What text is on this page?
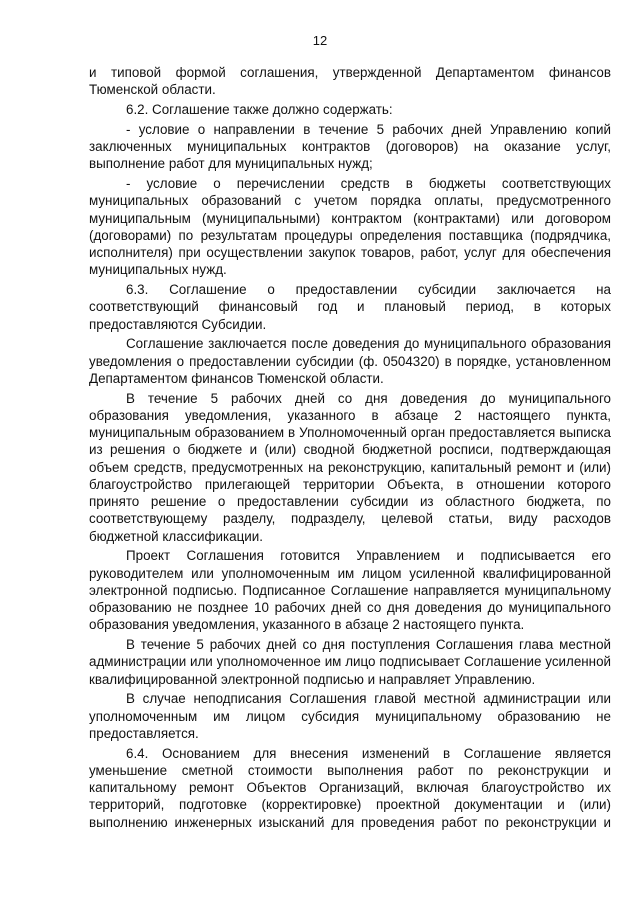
12

и типовой формой соглашения, утвержденной Департаментом финансов Тюменской области.

6.2. Соглашение также должно содержать:

- условие о направлении в течение 5 рабочих дней Управлению копий заключенных муниципальных контрактов (договоров) на оказание услуг, выполнение работ для муниципальных нужд;

- условие о перечислении средств в бюджеты соответствующих муниципальных образований с учетом порядка оплаты, предусмотренного муниципальным (муниципальными) контрактом (контрактами) или договором (договорами) по результатам процедуры определения поставщика (подрядчика, исполнителя) при осуществлении закупок товаров, работ, услуг для обеспечения муниципальных нужд.

6.3. Соглашение о предоставлении субсидии заключается на соответствующий финансовый год и плановый период, в которых предоставляются Субсидии.

Соглашение заключается после доведения до муниципального образования уведомления о предоставлении субсидии (ф. 0504320) в порядке, установленном Департаментом финансов Тюменской области.

В течение 5 рабочих дней со дня доведения до муниципального образования уведомления, указанного в абзаце 2 настоящего пункта, муниципальным образованием в Уполномоченный орган предоставляется выписка из решения о бюджете и (или) сводной бюджетной росписи, подтверждающая объем средств, предусмотренных на реконструкцию, капитальный ремонт и (или) благоустройство прилегающей территории Объекта, в отношении которого принято решение о предоставлении субсидии из областного бюджета, по соответствующему разделу, подразделу, целевой статьи, виду расходов бюджетной классификации.

Проект Соглашения готовится Управлением и подписывается его руководителем или уполномоченным им лицом усиленной квалифицированной электронной подписью. Подписанное Соглашение направляется муниципальному образованию не позднее 10 рабочих дней со дня доведения до муниципального образования уведомления, указанного в абзаце 2 настоящего пункта.

В течение 5 рабочих дней со дня поступления Соглашения глава местной администрации или уполномоченное им лицо подписывает Соглашение усиленной квалифицированной электронной подписью и направляет Управлению.

В случае неподписания Соглашения главой местной администрации или уполномоченным им лицом субсидия муниципальному образованию не предоставляется.

6.4. Основанием для внесения изменений в Соглашение является уменьшение сметной стоимости выполнения работ по реконструкции и капитальному ремонт Объектов Организаций, включая благоустройство их территорий, подготовке (корректировке) проектной документации и (или) выполнению инженерных изысканий для проведения работ по реконструкции и
